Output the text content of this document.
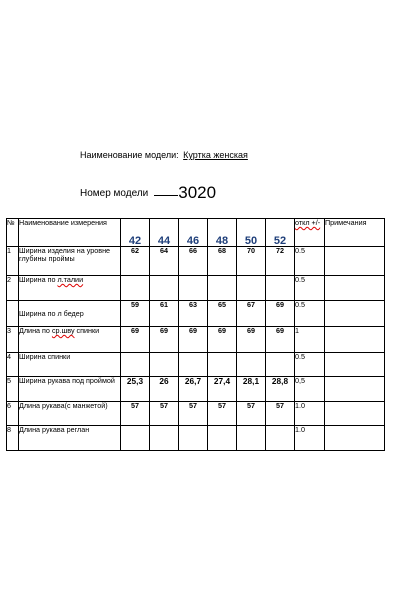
Наименование модели: Куртка женская
Номер модели 3020
№	Наименование измерения	42	44	46	48	50	52	откл +/-	Примечания
1	Ширина изделия на уровне глубины проймы	62	64	66	68	70	72	0.5	
2	Ширина по л.талии							0.5	
	Ширина по л бедер	59	61	63	65	67	69	0.5	
3	Длина по ср.шву спинки	69	69	69	69	69	69	1	
4	Ширина спинки							0.5	
5	Ширина рукава под проймой	25,3	26	26,7	27,4	28,1	28,8	0,5	
6	Длина рукава(с манжетой)	57	57	57	57	57	57	1.0	
8	Длина рукава реглан							1.0	
